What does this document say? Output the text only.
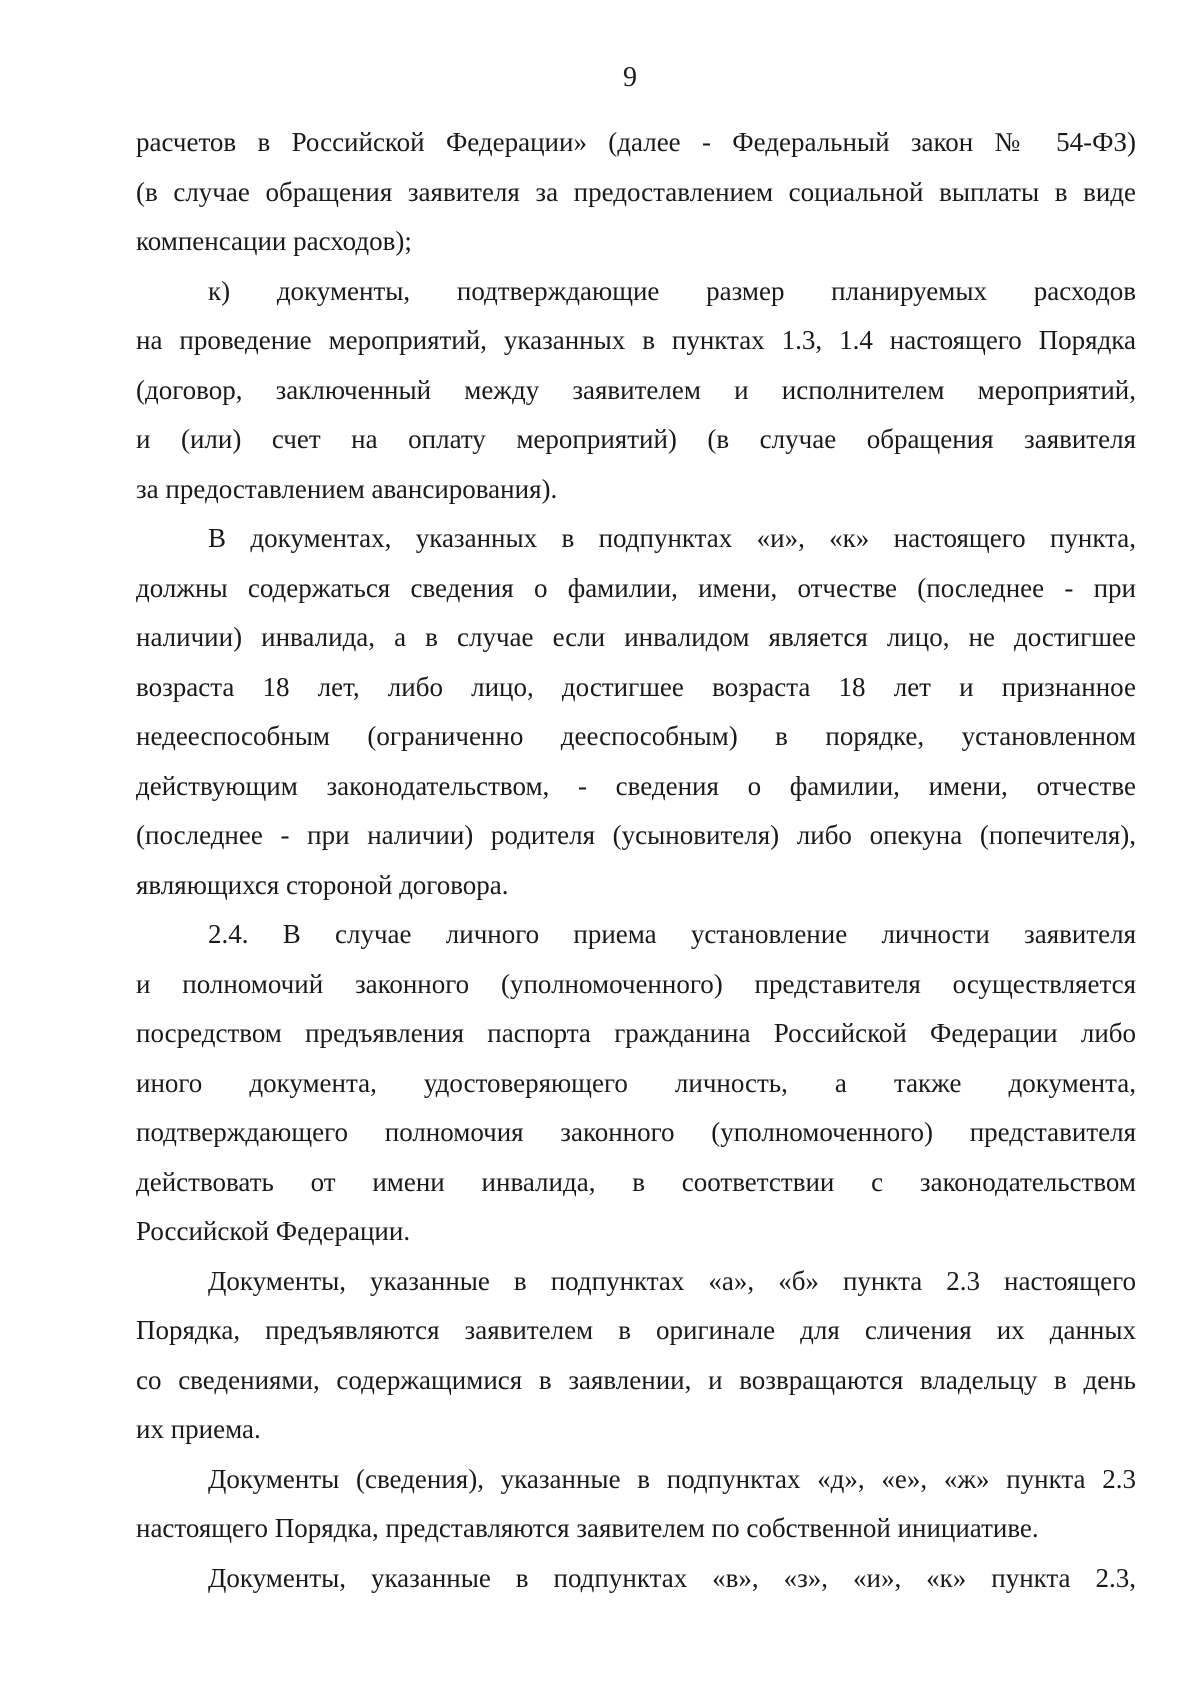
9
расчетов в Российской Федерации» (далее - Федеральный закон № 54-ФЗ)
(в случае обращения заявителя за предоставлением социальной выплаты в виде
компенсации расходов);
к) документы, подтверждающие размер планируемых расходов
на проведение мероприятий, указанных в пунктах 1.3, 1.4 настоящего Порядка
(договор, заключенный между заявителем и исполнителем мероприятий,
и (или) счет на оплату мероприятий) (в случае обращения заявителя
за предоставлением авансирования).
В документах, указанных в подпунктах «и», «к» настоящего пункта,
должны содержаться сведения о фамилии, имени, отчестве (последнее - при
наличии) инвалида, а в случае если инвалидом является лицо, не достигшее
возраста 18 лет, либо лицо, достигшее возраста 18 лет и признанное
недееспособным (ограниченно дееспособным) в порядке, установленном
действующим законодательством, - сведения о фамилии, имени, отчестве
(последнее - при наличии) родителя (усыновителя) либо опекуна (попечителя),
являющихся стороной договора.
2.4. В случае личного приема установление личности заявителя
и полномочий законного (уполномоченного) представителя осуществляется
посредством предъявления паспорта гражданина Российской Федерации либо
иного документа, удостоверяющего личность, а также документа,
подтверждающего полномочия законного (уполномоченного) представителя
действовать от имени инвалида, в соответствии с законодательством
Российской Федерации.
Документы, указанные в подпунктах «а», «б» пункта 2.3 настоящего
Порядка, предъявляются заявителем в оригинале для сличения их данных
со сведениями, содержащимися в заявлении, и возвращаются владельцу в день
их приема.
Документы (сведения), указанные в подпунктах «д», «е», «ж» пункта 2.3
настоящего Порядка, представляются заявителем по собственной инициативе.
Документы, указанные в подпунктах «в», «з», «и», «к» пункта 2.3,
